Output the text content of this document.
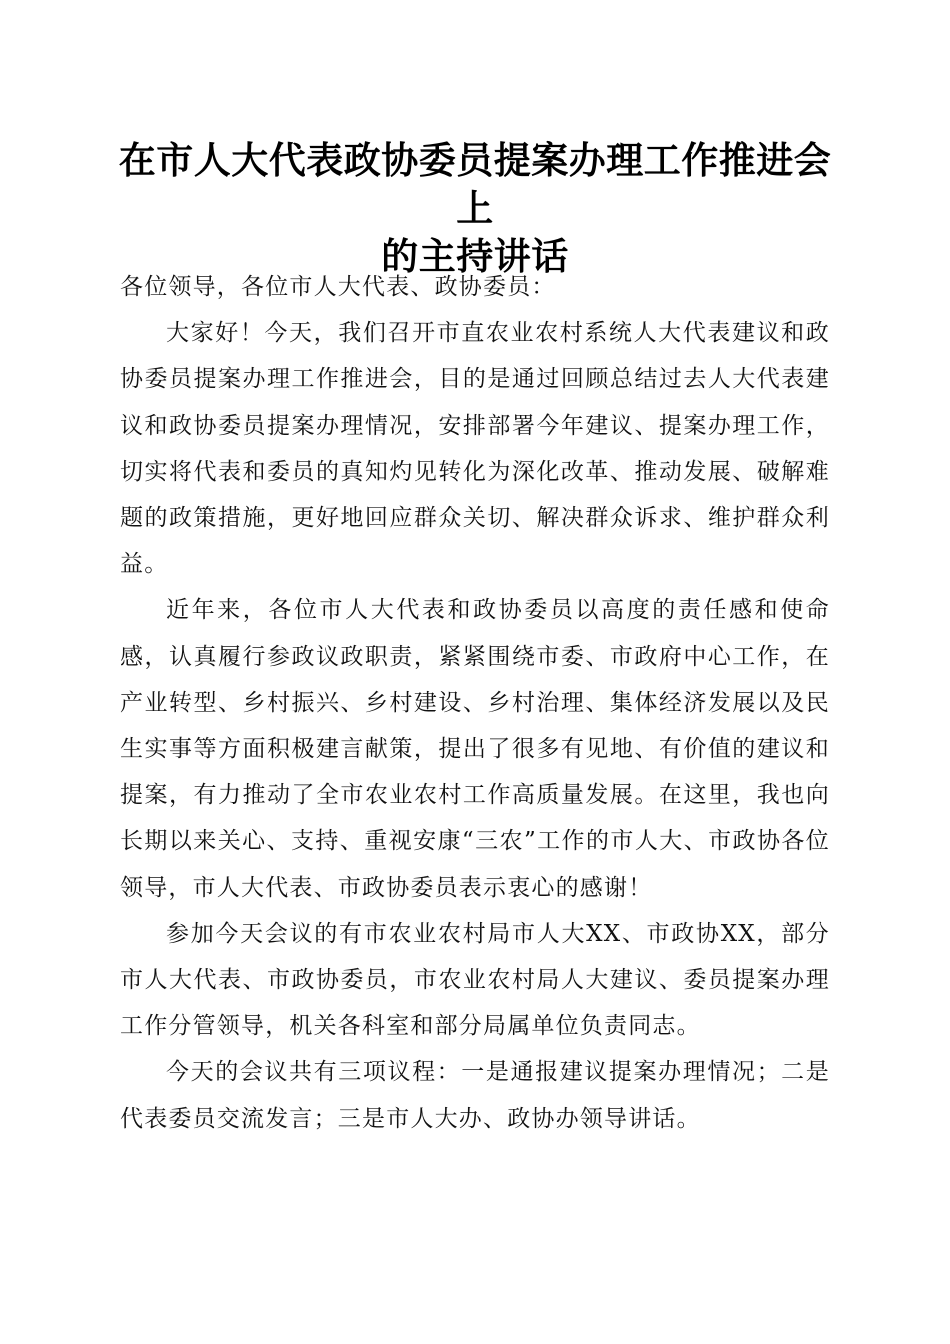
在市人大代表政协委员提案办理工作推进会上
的主持讲话

各位领导，各位市人大代表、政协委员：

大家好！今天，我们召开市直农业农村系统人大代表建议和政协委员提案办理工作推进会，目的是通过回顾总结过去人大代表建议和政协委员提案办理情况，安排部署今年建议、提案办理工作，切实将代表和委员的真知灼见转化为深化改革、推动发展、破解难题的政策措施，更好地回应群众关切、解决群众诉求、维护群众利益。

近年来，各位市人大代表和政协委员以高度的责任感和使命感，认真履行参政议政职责，紧紧围绕市委、市政府中心工作，在产业转型、乡村振兴、乡村建设、乡村治理、集体经济发展以及民生实事等方面积极建言献策，提出了很多有见地、有价值的建议和提案，有力推动了全市农业农村工作高质量发展。在这里，我也向长期以来关心、支持、重视安康“三农”工作的市人大、市政协各位领导，市人大代表、市政协委员表示衷心的感谢！

参加今天会议的有市农业农村局市人大XX、市政协XX，部分市人大代表、市政协委员，市农业农村局人大建议、委员提案办理工作分管领导，机关各科室和部分局属单位负责同志。

今天的会议共有三项议程：一是通报建议提案办理情况；二是代表委员交流发言；三是市人大办、政协办领导讲话。
